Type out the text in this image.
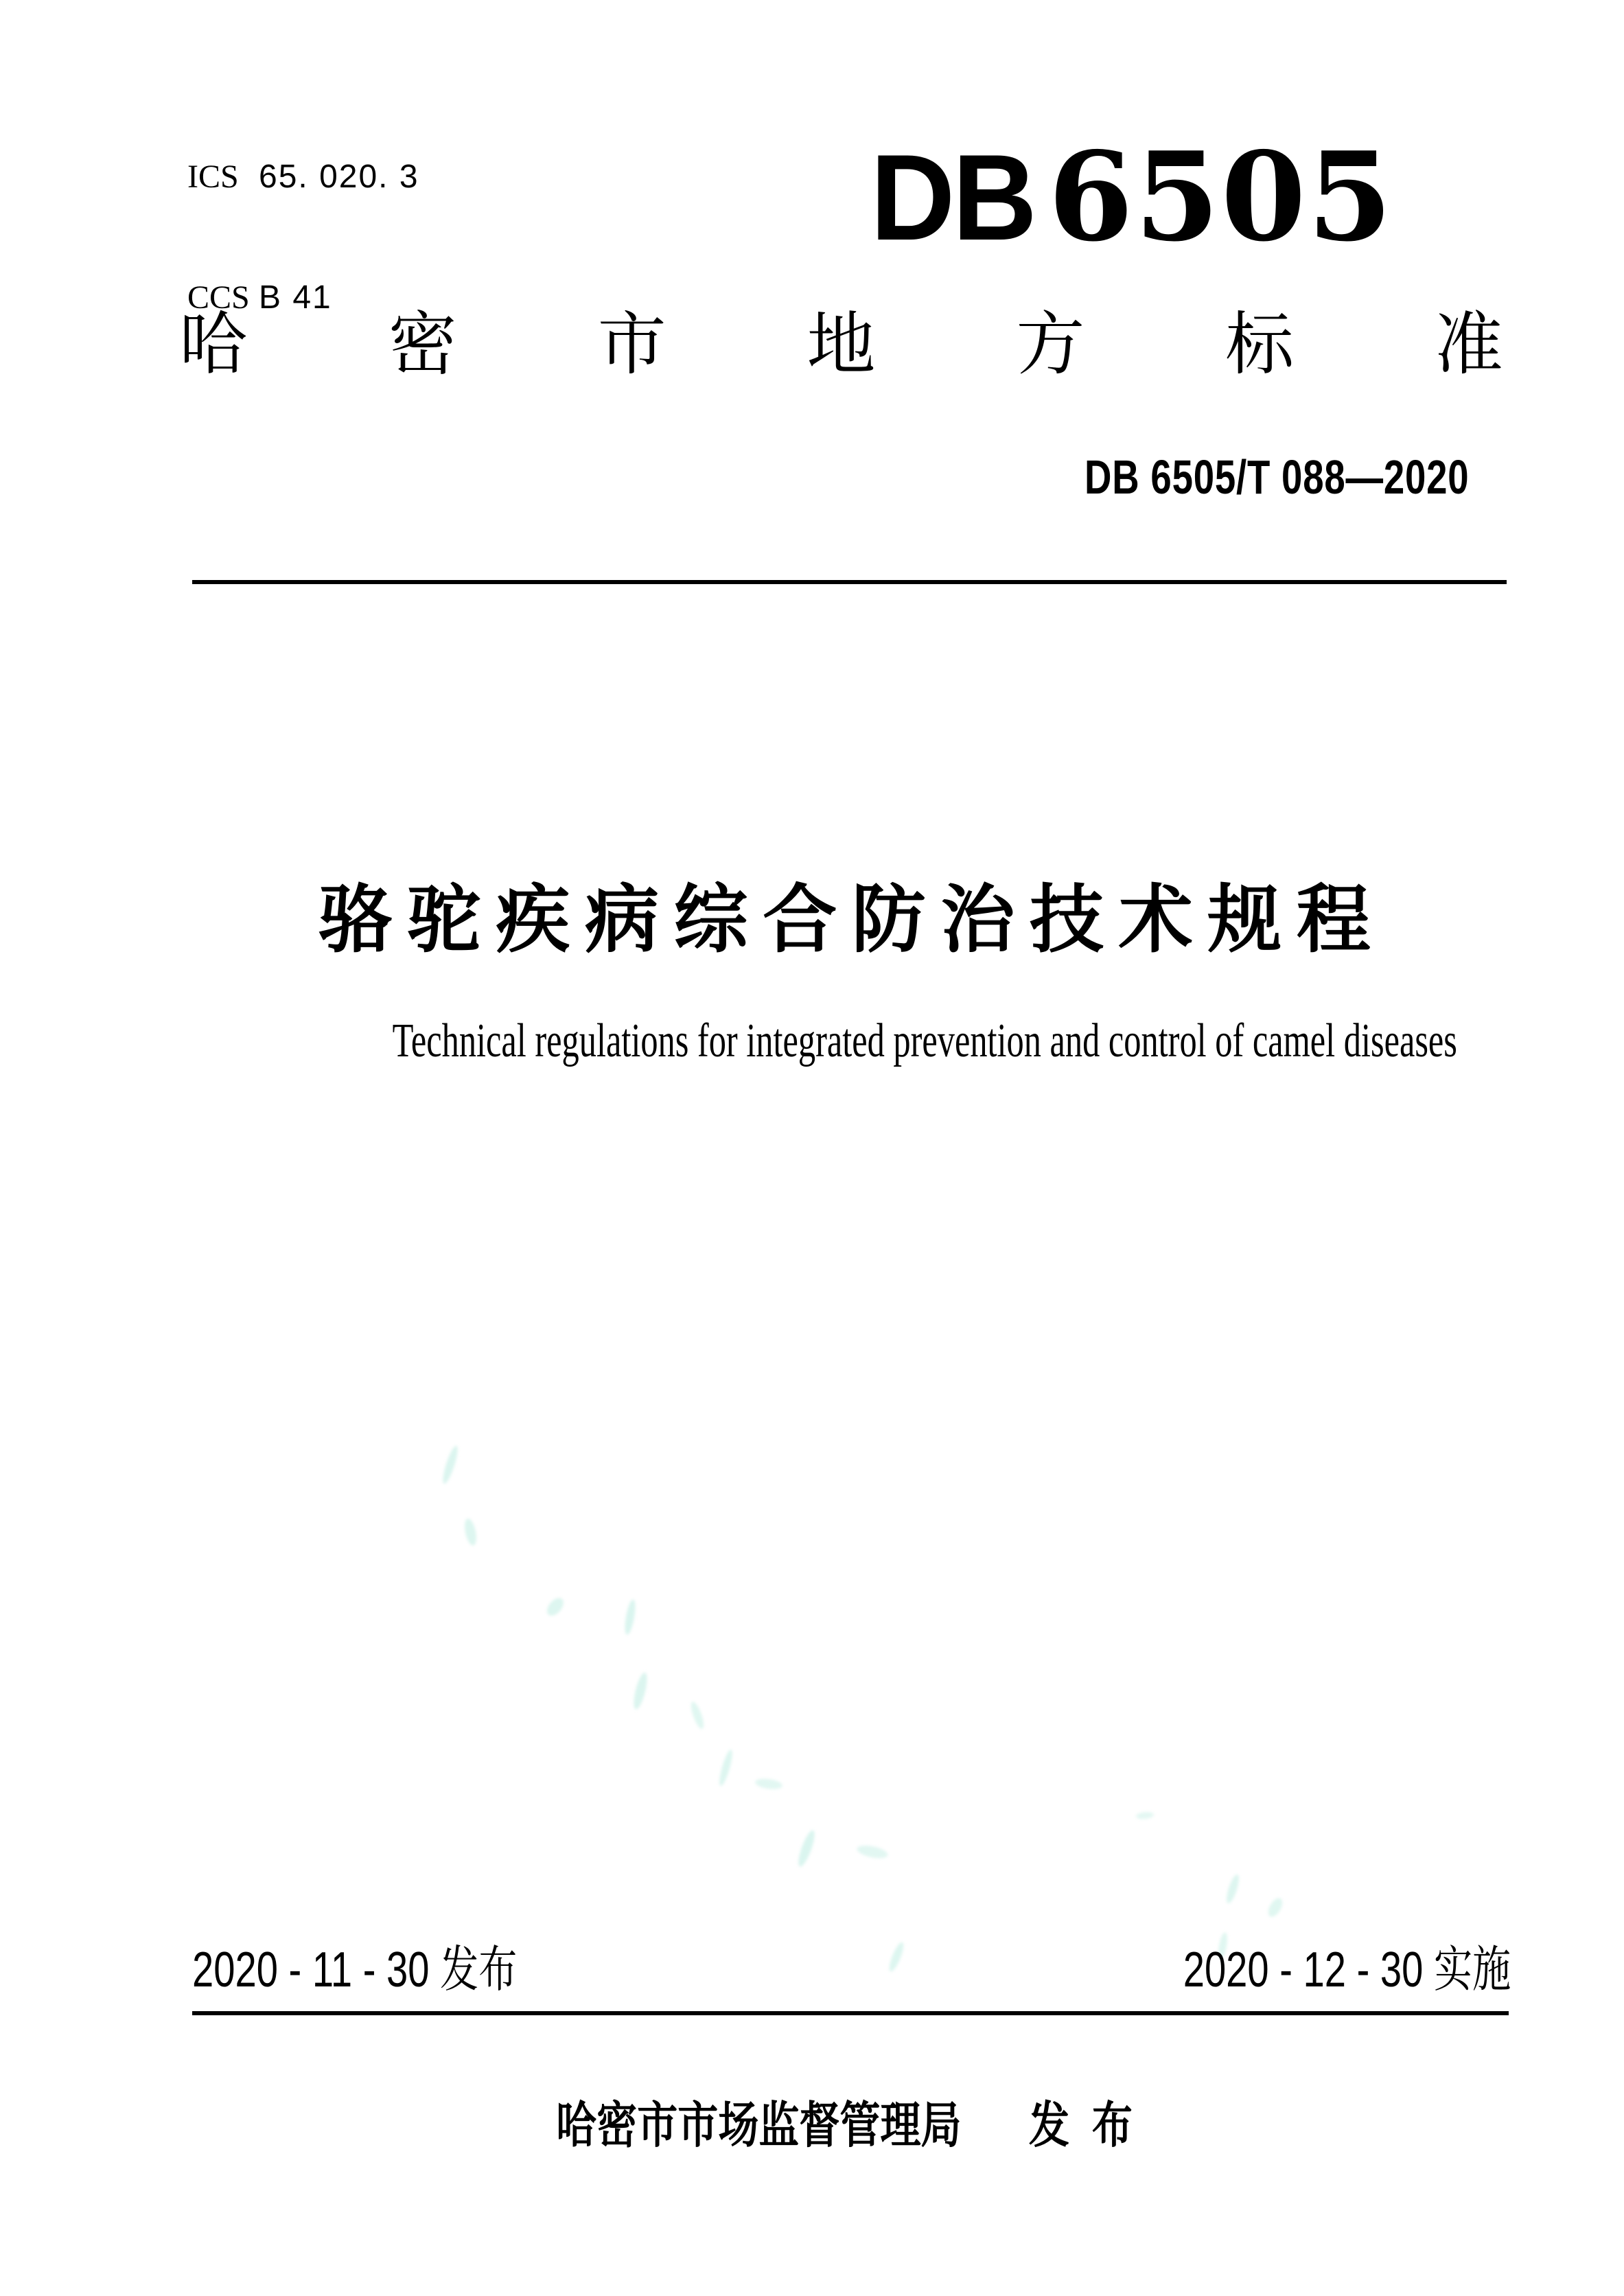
ICS 65. 020. 3

CCS B 41

DB 6505
哈密市地方标准
DB 6505/T 088—2020
骆驼疾病综合防治技术规程
Technical regulations for integrated prevention and control of camel diseases
2020 - 11 - 30 发布	2020 - 12 - 30 实施
哈密市市场监督管理局 发  布
